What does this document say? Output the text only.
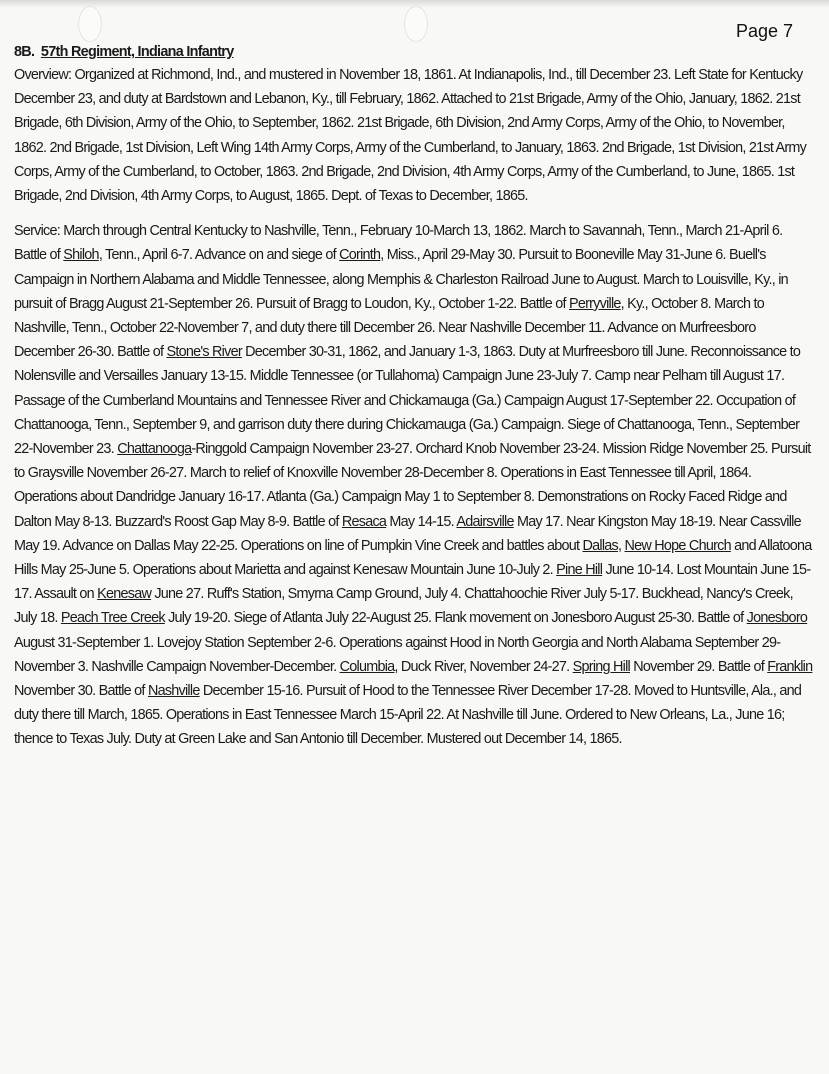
Page 7

8B. 57th Regiment, Indiana Infantry

Overview: Organized at Richmond, Ind., and mustered in November 18, 1861. At Indianapolis, Ind., till December 23. Left State for Kentucky December 23, and duty at Bardstown and Lebanon, Ky., till February, 1862. Attached to 21st Brigade, Army of the Ohio, January, 1862. 21st Brigade, 6th Division, Army of the Ohio, to September, 1862. 21st Brigade, 6th Division, 2nd Army Corps, Army of the Ohio, to November, 1862. 2nd Brigade, 1st Division, Left Wing 14th Army Corps, Army of the Cumberland, to January, 1863. 2nd Brigade, 1st Division, 21st Army Corps, Army of the Cumberland, to October, 1863. 2nd Brigade, 2nd Division, 4th Army Corps, Army of the Cumberland, to June, 1865. 1st Brigade, 2nd Division, 4th Army Corps, to August, 1865. Dept. of Texas to December, 1865.

Service: March through Central Kentucky to Nashville, Tenn., February 10-March 13, 1862. March to Savannah, Tenn., March 21-April 6. Battle of Shiloh, Tenn., April 6-7. Advance on and siege of Corinth, Miss., April 29-May 30. Pursuit to Booneville May 31-June 6. Buell's Campaign in Northern Alabama and Middle Tennessee, along Memphis & Charleston Railroad June to August. March to Louisville, Ky., in pursuit of Bragg August 21-September 26. Pursuit of Bragg to Loudon, Ky., October 1-22. Battle of Perryville, Ky., October 8. March to Nashville, Tenn., October 22-November 7, and duty there till December 26. Near Nashville December 11. Advance on Murfreesboro December 26-30. Battle of Stone's River December 30-31, 1862, and January 1-3, 1863. Duty at Murfreesboro till June. Reconnoissance to Nolensville and Versailles January 13-15. Middle Tennessee (or Tullahoma) Campaign June 23-July 7. Camp near Pelham till August 17. Passage of the Cumberland Mountains and Tennessee River and Chickamauga (Ga.) Campaign August 17-September 22. Occupation of Chattanooga, Tenn., September 9, and garrison duty there during Chickamauga (Ga.) Campaign. Siege of Chattanooga, Tenn., September 22-November 23. Chattanooga-Ringgold Campaign November 23-27. Orchard Knob November 23-24. Mission Ridge November 25. Pursuit to Graysville November 26-27. March to relief of Knoxville November 28-December 8. Operations in East Tennessee till April, 1864. Operations about Dandridge January 16-17. Atlanta (Ga.) Campaign May 1 to September 8. Demonstrations on Rocky Faced Ridge and Dalton May 8-13. Buzzard's Roost Gap May 8-9. Battle of Resaca May 14-15. Adairsville May 17. Near Kingston May 18-19. Near Cassville May 19. Advance on Dallas May 22-25. Operations on line of Pumpkin Vine Creek and battles about Dallas, New Hope Church and Allatoona Hills May 25-June 5. Operations about Marietta and against Kenesaw Mountain June 10-July 2. Pine Hill June 10-14. Lost Mountain June 15-17. Assault on Kenesaw June 27. Ruff's Station, Smyrna Camp Ground, July 4. Chattahoochie River July 5-17. Buckhead, Nancy's Creek, July 18. Peach Tree Creek July 19-20. Siege of Atlanta July 22-August 25. Flank movement on Jonesboro August 25-30. Battle of Jonesboro August 31-September 1. Lovejoy Station September 2-6. Operations against Hood in North Georgia and North Alabama September 29-November 3. Nashville Campaign November-December. Columbia, Duck River, November 24-27. Spring Hill November 29. Battle of Franklin November 30. Battle of Nashville December 15-16. Pursuit of Hood to the Tennessee River December 17-28. Moved to Huntsville, Ala., and duty there till March, 1865. Operations in East Tennessee March 15-April 22. At Nashville till June. Ordered to New Orleans, La., June 16; thence to Texas July. Duty at Green Lake and San Antonio till December. Mustered out December 14, 1865.
